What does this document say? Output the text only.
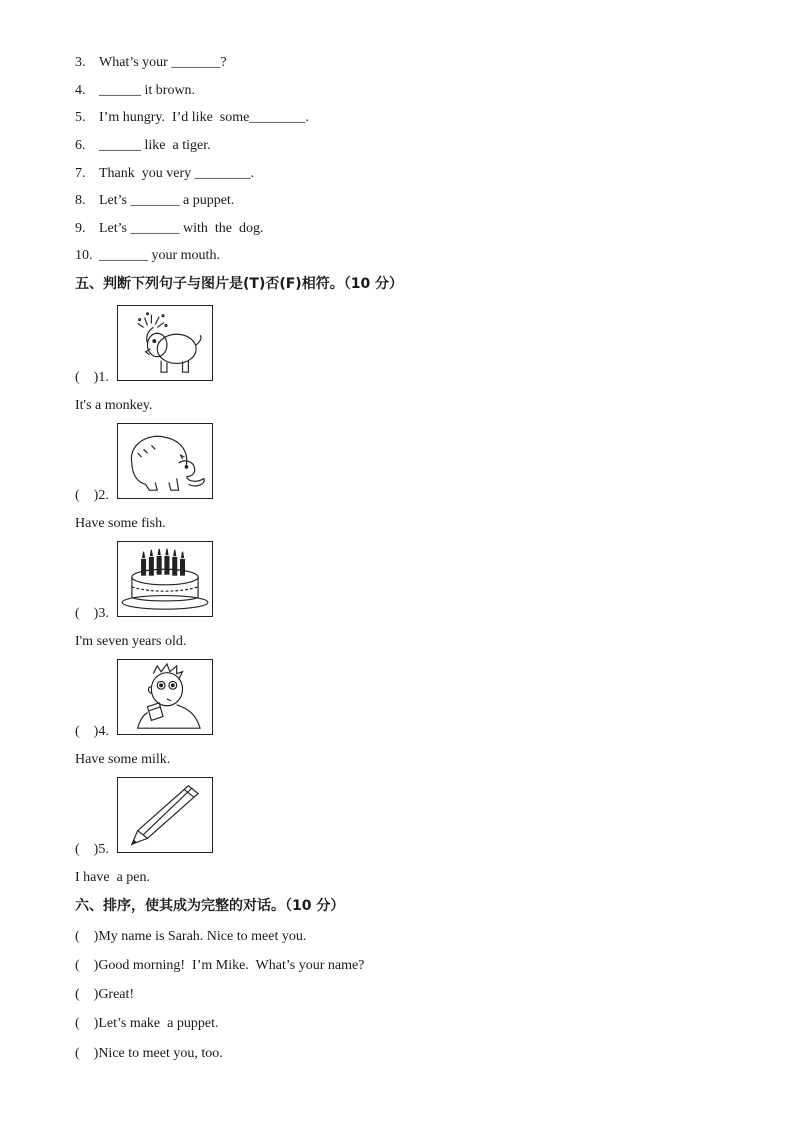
3. What’s your _______?
4. ______ it brown.
5. I’m hungry.  I’d like  some________.
6. ______ like  a tiger.
7. Thank  you very ________.
8. Let’s _______ a puppet.
9. Let’s _______ with  the  dog.
10. _______ your mouth.
五、判断下列句子与图片是(T)否(F)相符。（10 分）
(    )1.
It's a monkey.
(    )2.
Have some fish.
(    )3.
I'm seven years old.
(    )4.
Have some milk.
(    )5.
I have  a pen.
六、排序，使其成为完整的对话。（10 分）
(    )My name is Sarah. Nice to meet you.
(    )Good morning!  I’m Mike.  What’s your name?
(    )Great!
(    )Let’s make  a puppet.
(    )Nice to meet you, too.
